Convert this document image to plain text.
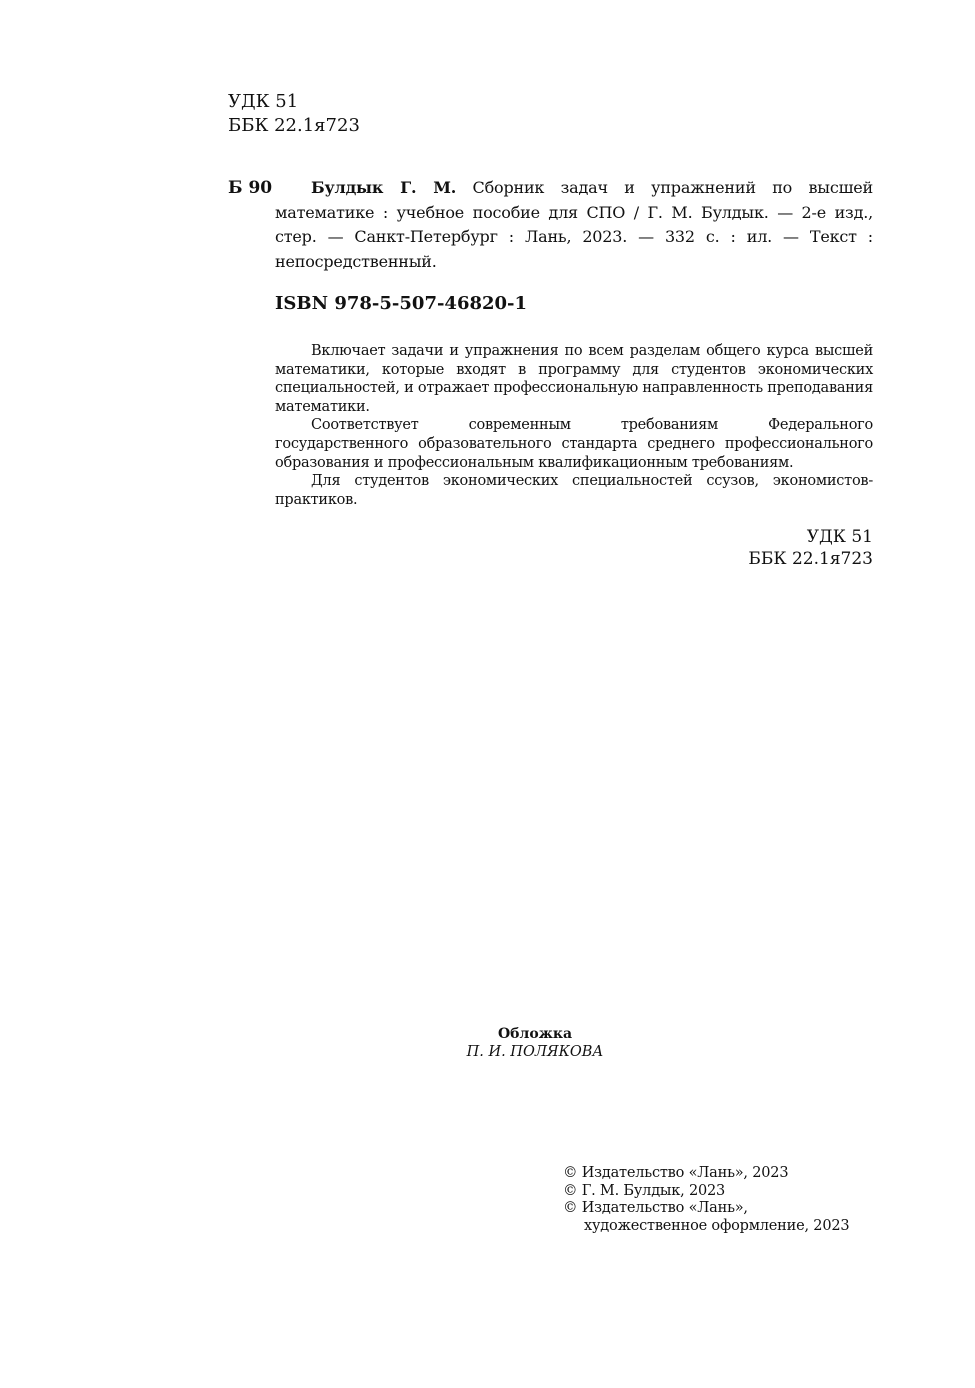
УДК 51
ББК 22.1я723
Б 90	Булдык Г. М. Сборник задач и упражнений по высшей математике : учебное пособие для СПО / Г. М. Булдык. — 2-е изд., стер. — Санкт-Петербург : Лань, 2023. — 332 с. : ил. — Текст : непосредственный.

ISBN 978-5-507-46820-1

Включает задачи и упражнения по всем разделам общего курса высшей математики, которые входят в программу для студентов экономических специальностей, и отражает профессиональную направленность преподавания математики.

Соответствует современным требованиям Федерального государственного образовательного стандарта среднего профессионального образования и профессиональным квалификационным требованиям.

Для студентов экономических специальностей ссузов, экономистов-практиков.

УДК 51
ББК 22.1я723
Обложка
П. И. ПОЛЯКОВА
© Издательство «Лань», 2023
© Г. М. Булдык, 2023
© Издательство «Лань»,
художественное оформление, 2023
